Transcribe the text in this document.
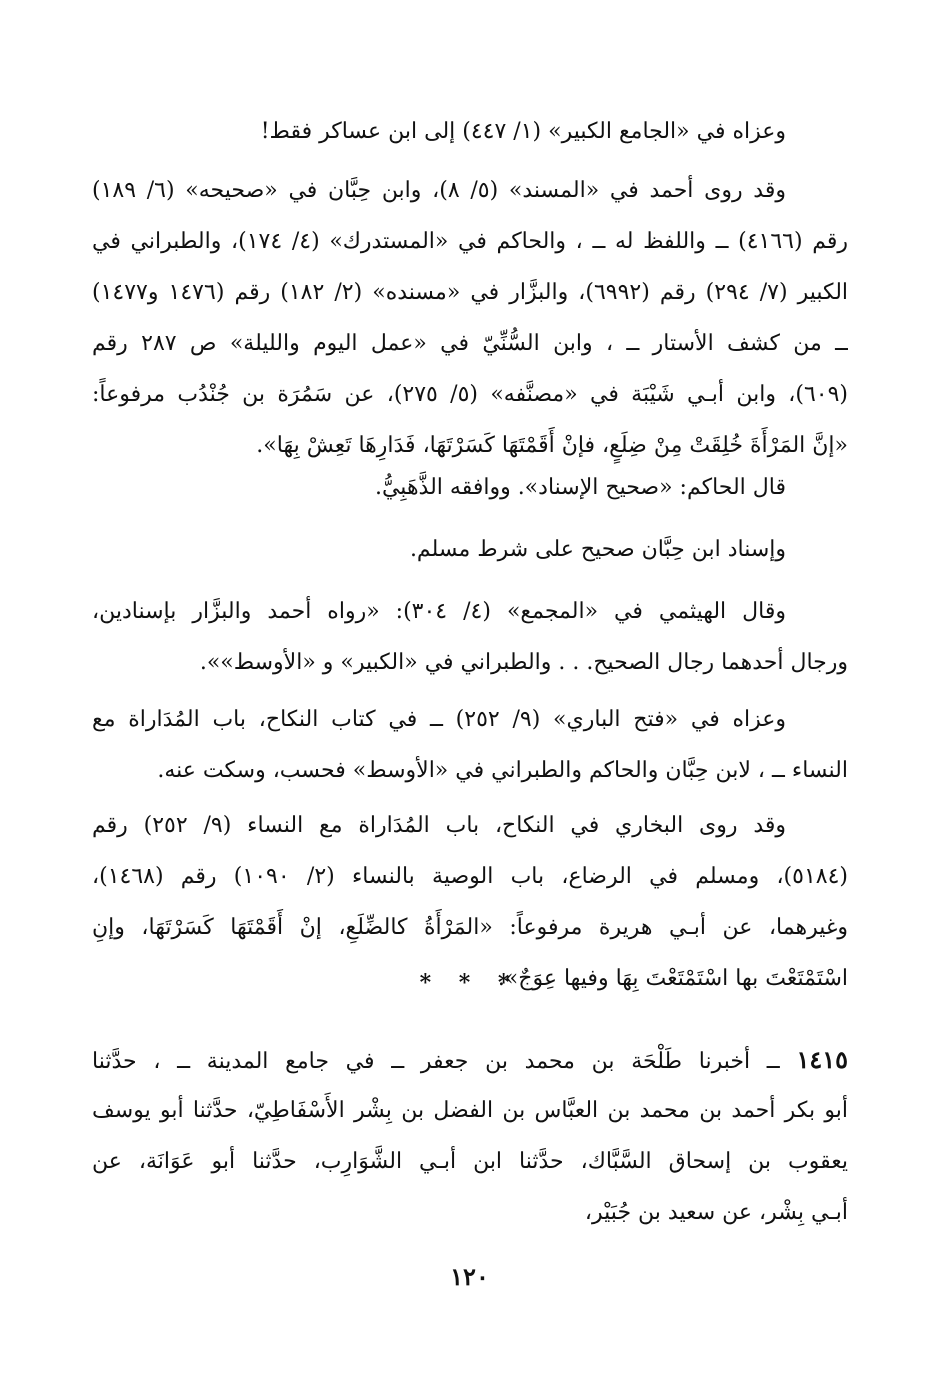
وعزاه في «الجامع الكبير» (١/ ٤٤٧) إلى ابن عساكر فقط!
وقد روى أحمد في «المسند» (٥/ ٨)، وابن حِبَّان في «صحيحه» (٦/ ١٨٩)
رقم (٤١٦٦) ــ واللفظ له ــ ، والحاكم في «المستدرك» (٤/ ١٧٤)، والطبراني في
الكبير (٧/ ٢٩٤) رقم (٦٩٩٢)، والبزَّار في «مسنده» (٢/ ١٨٢) رقم (١٤٧٦ و١٤٧٧)
ــ من كشف الأستار ــ ، وابن السُّنِّيّ في «عمل اليوم والليلة» ص ٢٨٧ رقم
(٦٠٩)، وابن أبـي شَيْبَة في «مصنَّفه» (٥/ ٢٧٥)، عن سَمُرَة بن جُنْدُب مرفوعاً:
«إنَّ المَرْأَةَ خُلِقَتْ مِنْ ضِلَعٍ، فإنْ أَقَمْتَهَا كَسَرْتَهَا، فَدَارِهَا تَعِشْ بِهَا».
قال الحاكم: «صحيح الإسناد». ووافقه الذَّهَبِيُّ.
وإسناد ابن حِبَّان صحيح على شرط مسلم.
وقال الهيثمي في «المجمع» (٤/ ٣٠٤): «رواه أحمد والبزَّار بإسنادين،
ورجال أحدهما رجال الصحيح. . . والطبراني في «الكبير» و «الأوسط»».
وعزاه في «فتح الباري» (٩/ ٢٥٢) ــ في كتاب النكاح، باب المُدَاراة مع
النساء ــ ، لابن حِبَّان والحاكم والطبراني في «الأوسط» فحسب، وسكت عنه.
وقد روى البخاري في النكاح، باب المُدَاراة مع النساء (٩/ ٢٥٢) رقم
(٥١٨٤)، ومسلم في الرضاع، باب الوصية بالنساء (٢/ ١٠٩٠) رقم (١٤٦٨)،
وغيرهما، عن أبـي هريرة مرفوعاً: «المَرْأَةُ كالضِّلَعِ، إنْ أَقَمْتَهَا كَسَرْتَهَا، وإنِ
اسْتَمْتَعْتَ بها اسْتَمْتَعْتَ بِهَا وفيها عِوَجٌ».
* * *
١٤١٥ ــ أخبرنا طَلْحَة بن محمد بن جعفر ــ في جامع المدينة ــ ، حدَّثنا
أبو بكر أحمد بن محمد بن العبَّاس بن الفضل بن بِشْر الأَسْفَاطِيّ، حدَّثنا أبو يوسف
يعقوب بن إسحاق السَّبَّاك، حدَّثنا ابن أبـي الشَّوَارِب، حدَّثنا أبو عَوَانَة، عن
أبـي بِشْر، عن سعيد بن جُبَيْر،
١٢٠
